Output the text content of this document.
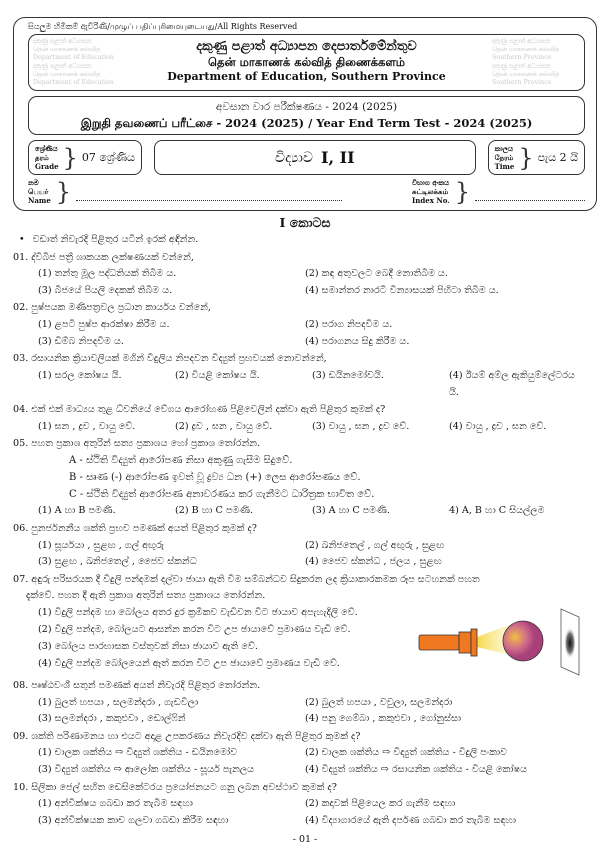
සියලුම හිමිකම් ඇවිරිණි/முழுப் பதிப்புரிமையுடையது/All Rights Reserved
දකුණු පළාත් අධ්‍යාපන
தென் மாகாணக் கல்வித்
Department of Education
දකුණු පළාත් අධ්‍යාපන
தென் மாகாணக் கல்வித்
Department of Education
දකුණු පළාත් අධ්‍යාපන දෙපාර්තමේන්තුව
தென் மாகாணக் கல்வித் திணைக்களம்
Department of Education, Southern Province
දකුණු පළාත් අධ්‍යාපන
தென் மாகாணக் கல்வித்
Southern Province
දකුණු පළාත් අධ්‍යාපන
தென் மாகாணக் கல்வித்
Southern Province
අවසාන වාර පරීක්ෂණය - 2024 (2025)
இறுதி தவணைப் பரீட்சை - 2024 (2025) / Year End Term Test - 2024 (2025)
ශ්‍රේණිය
தரம்
Grade } 07 ශ්‍රේණිය	විද්‍යාව I, II	කාලය
நேரம்
Time } පැය 2 යි
නම
பெயர்
Name }	විභාග අංකය
சுட்டிலக்கம்
Index No. }
I කොටස
• වඩාත් නිවැරදි පිළිතුර යටින් ඉරක් අඳින්න.
01. ද්විබීජ පත්‍රී ශාකයක ලක්ෂණයක් වන්නේ,
(1) තන්තු මූල පද්ධතියක් තිබීම ය.	(2) කඳ අතුවලට බෙදී නොතිබීම ය.
(3) බීජයේ පියලි දෙකක් තිබීම ය.	(4) සමාන්තර නාරටි වින්‍යාසයක් පිහිටා තිබීම ය.
02. පුෂ්පයක මණිපත්‍රවල ප්‍රධාන කාර්යය වන්නේ,
(1) ළපටි පුෂ්ප ආරක්ෂා කිරීම ය.	(2) පරාග නිපදවීම ය.
(3) ඩිම්බ නිපදවීම ය.	(4) පරාගනය සිදු කිරීම ය.
03. රසායනික ක්‍රියාවලියක් මගින් විදුලිය නිපදවන විද්‍යුත් ප්‍රභවයක් නොවන්නේ,
(1) සරල කෝෂය යි.	(2) වියළි කෝෂය යි.	(3) ඩයිනමෝවයි.	(4) ඊයම් අම්ල ඇකියුම්ලේටරය යි.
04. එක් එක් මාධ්‍යය තුළ ධ්වනියේ වේගය ආරෝහණ පිළිවෙලින් දක්වා ඇති පිළිතුර කුමක් ද?
(1) ඝන , ද්‍රව , වායු වේ.	(2) ද්‍රව , ඝන , වායු වේ.	(3) වායු , ඝන , ද්‍රව වේ.	(4) වායු , ද්‍රව , ඝන වේ.
05. පහත ප්‍රකාශ අතුරින් සත්‍ය ප්‍රකාශය හෝ ප්‍රකාශ තෝරන්න.
A - ස්ථිති විද්‍යුත් ආරෝපණ නිසා අකුණු ගැසීම සිදුවේ.
B - සෘණ (-) ආරෝපණ ඉවත් වූ ද්‍රව්‍ය ධන (+) ලෙස ආරෝපණය වේ.
C - ස්ථිති විද්‍යුත් ආරෝපණ අනාවරණය කර ගැනීමට ධාරිත්‍රක භාවිත වේ.
(1) A හා B පමණි.	(2) B හා C පමණි.	(3) A හා C පමණි.	4) A, B හා C සියල්ලම
06. පුනර්ජනනීය ශක්ති ප්‍රභව පමණක් අයත් පිළිතුර කුමක් ද?
(1) සූර්යයා , සුළඟ , ගල් අඟුරු	(2) ඛනිජතෙල් , ගල් අඟුරු , සුළඟ
(3) සුළඟ , ඛනිජතෙල් , ජෛව ස්කන්ධ	(4) ජෛව ස්කන්ධ , ජලය , සුළඟ
07. අඳුරු පරිසරයක දී විදුලි පන්දමක් දල්වා ඡායා ඇති වීම සම්බන්ධව සිදුකරන ලද ක්‍රියාකාරකමක රූප සටහනක් පහත
දැක්වේ. පහත දී ඇති ප්‍රකාශ අතුරින් සත්‍ය ප්‍රකාශය තෝරන්න.
(1) විදුලි පන්දම හා බෝලය අතර දුර ක්‍රමිකව වැඩිවන විට ඡායාව අපැහැදිලි වේ.
(2) විදුලි පන්දම, බෝලයට ආසන්න කරන විට උප ඡායාවේ ප්‍රමාණය වැඩි වේ.
(3) බෝලය පාරභාසක වස්තුවක් නිසා ඡායාව ඇති වේ.
(4) විදුලි පන්දම බෝලයෙන් ඈත් කරන විට උප ඡායාවේ ප්‍රමාණය වැඩි වේ.
08. පෘෂ්ඨවංශී සතුන් පමණක් අයත් නිවැරදි පිළිතුර තෝරන්න.
(1) බුලත් හපයා , සලමන්දරා , ගැඩවිලා	(2) බුලත් හපයා , වවුලා, සලමන්දරා
(3) සලමන්දරා , කකුළුවා , ඩොල්ෆින්	(4) පනු ගෙම්බා , කකුළුවා , ගෝනුස්සා
09. ශක්ති පරිණාමනය හා එයට අදාළ උපකරණය නිවැරදිව දක්වා ඇති පිළිතුර කුමක් ද?
(1) චාලක ශක්තිය ⇨ විද්‍යුත් ශක්තිය - ඩයිනමෝව	(2) චාලක ශක්තිය ⇨ විද්‍යුත් ශක්තිය - විදුලි පංකාව
(3) විද්‍යුත් ශක්තිය ⇨ ආලෝක ශක්තිය - සූර්ය පැනලය	(4) විද්‍යුත් ශක්තිය ⇨ රසායනික ශක්තිය - වියළි කෝෂය
10. සිලිකා ජෙල් සහිත ඩෙසිකේටරය ප්‍රයෝජනයට ගනු ලබන අවස්ථාව කුමක් ද?
(1) අන්වීක්ෂය ගබඩා කර තැබීම සඳහා	(2) කදාවක් පිළියෙල කර ගැනීම සඳහා
(3) අන්වීක්ෂයක කාච ගලවා ගබඩා කිරීම සඳහා	(4) විද්‍යාගාරයේ ඇති දර්පණ ගබඩා කර තැබීම සඳහා
- 01 -
